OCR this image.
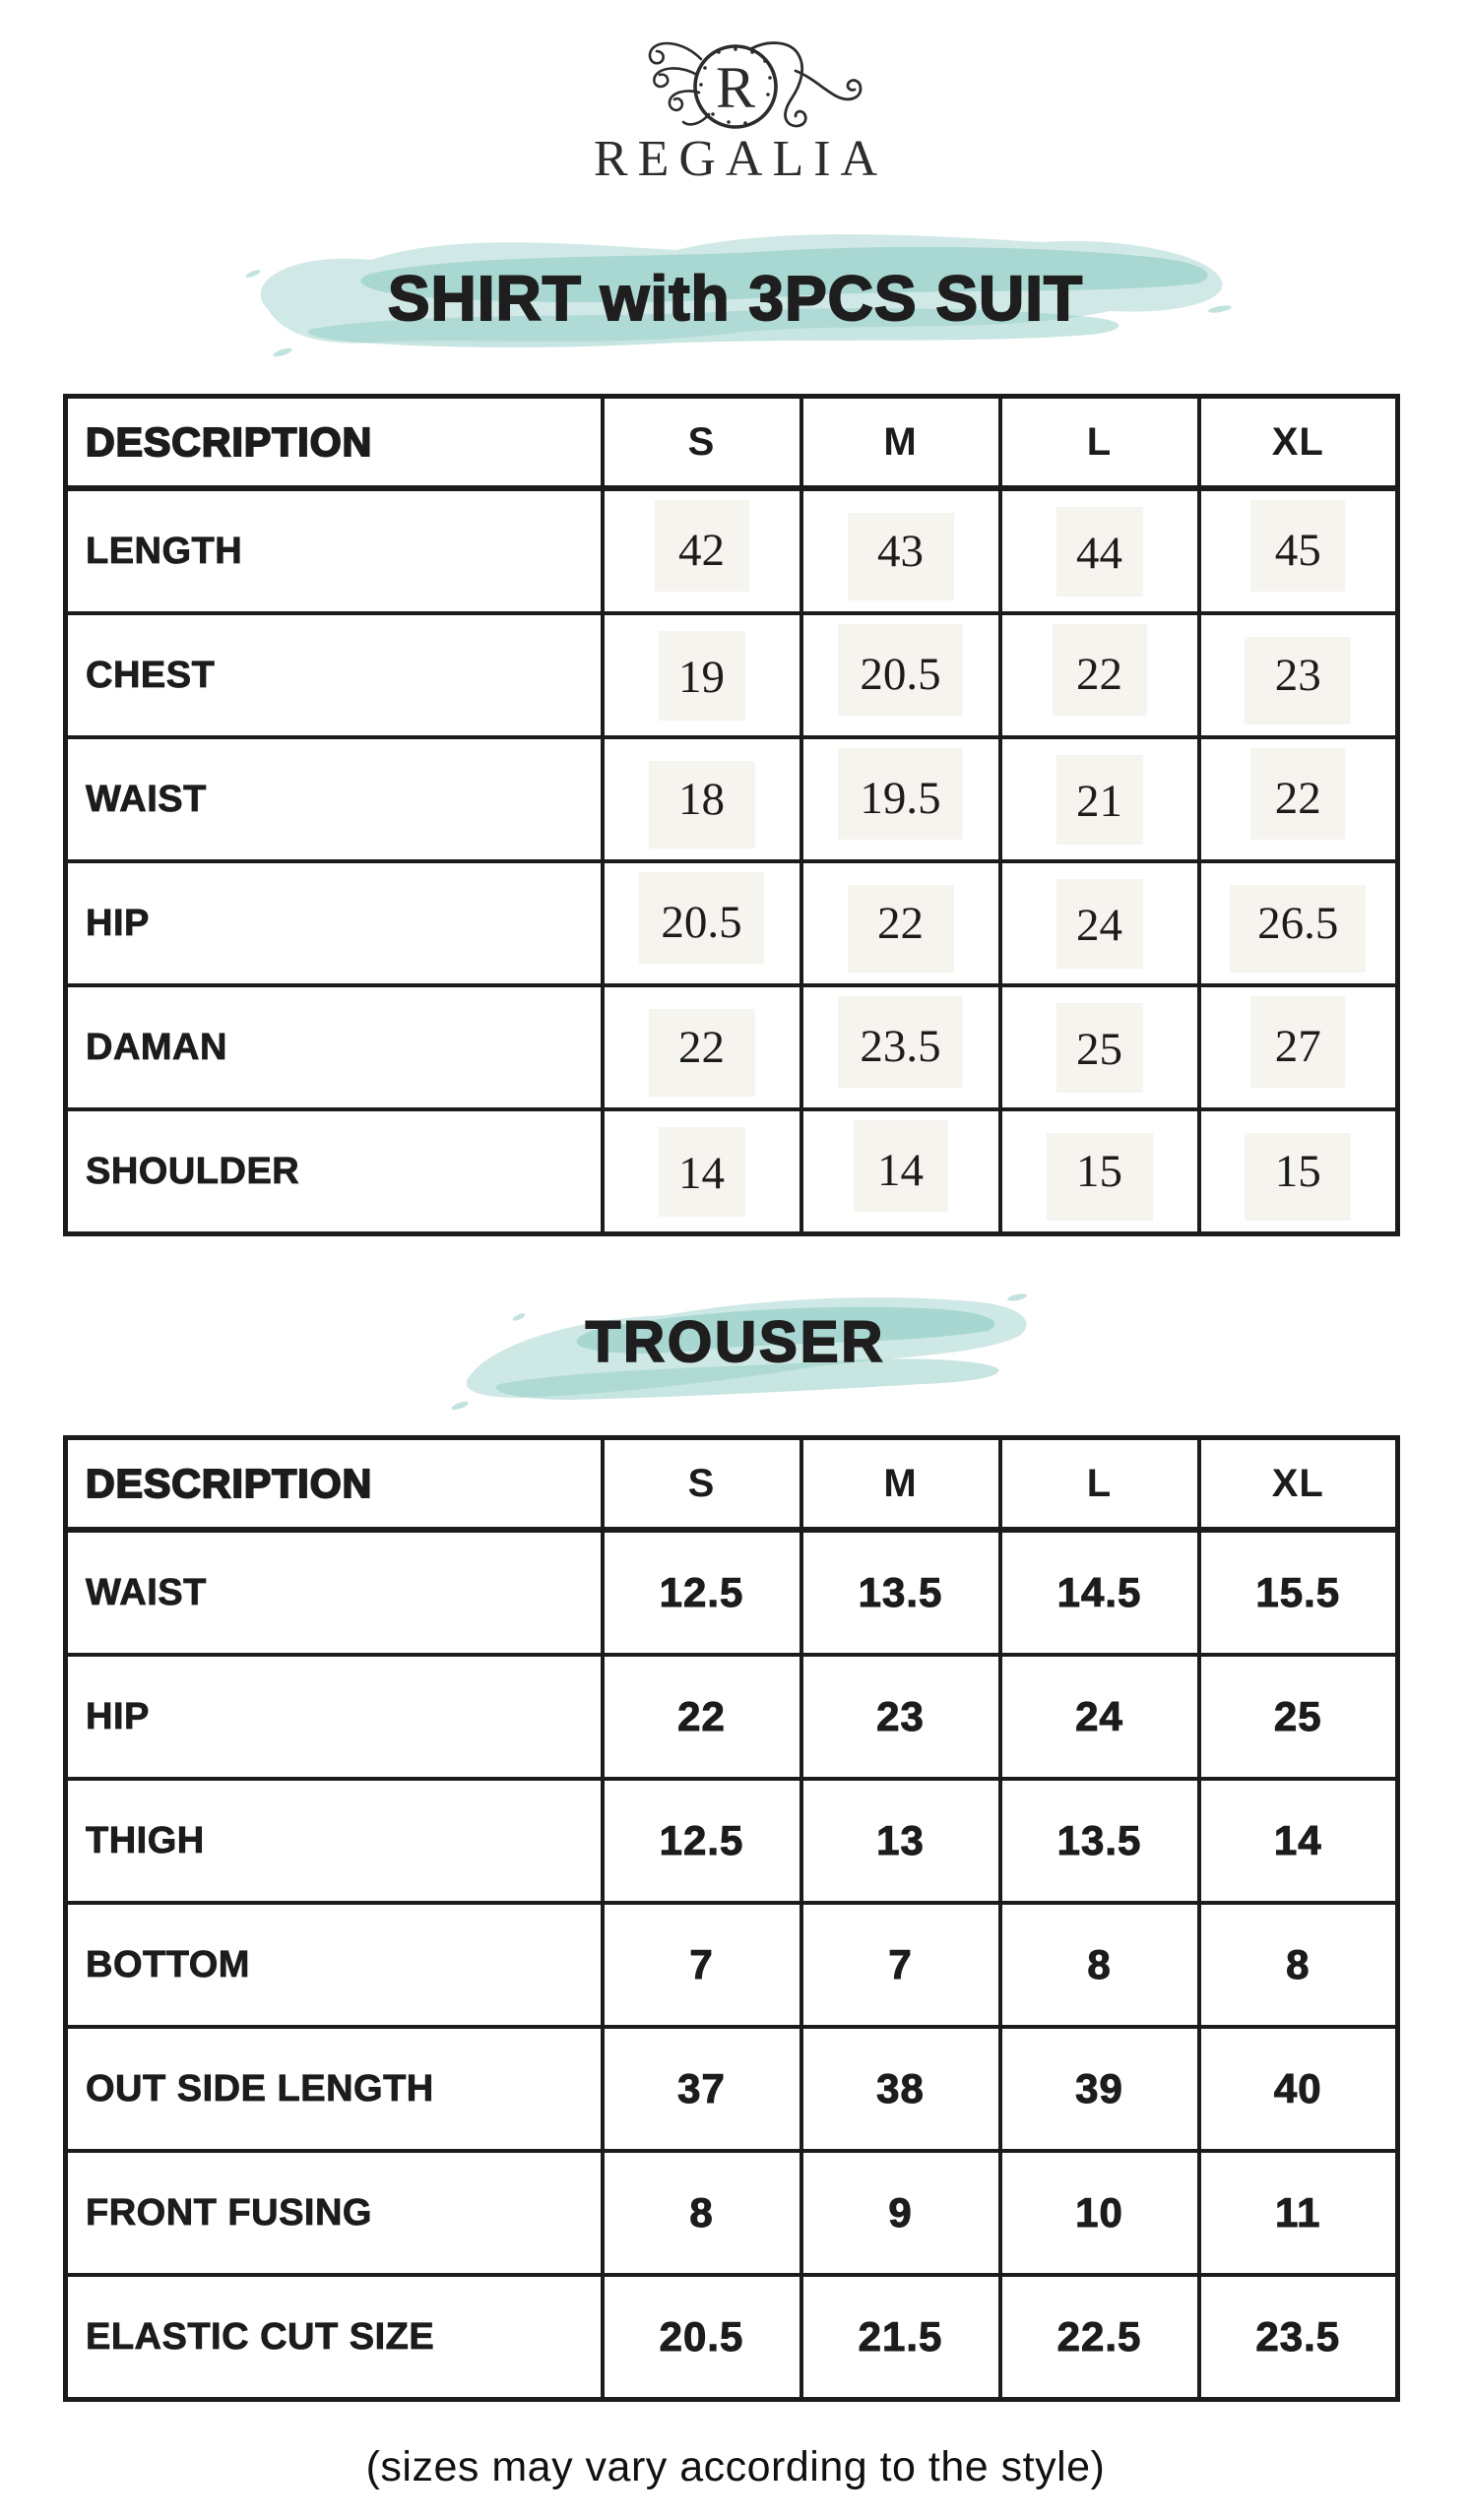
R
REGALIA
SHIRT with 3PCS SUIT
DESCRIPTION	S	M	L	XL
LENGTH	42	43	44	45
CHEST	19	20.5	22	23
WAIST	18	19.5	21	22
HIP	20.5	22	24	26.5
DAMAN	22	23.5	25	27
SHOULDER	14	14	15	15
TROUSER
DESCRIPTION	S	M	L	XL
WAIST	12.5	13.5	14.5	15.5
HIP	22	23	24	25
THIGH	12.5	13	13.5	14
BOTTOM	7	7	8	8
OUT SIDE LENGTH	37	38	39	40
FRONT FUSING	8	9	10	11
ELASTIC CUT SIZE	20.5	21.5	22.5	23.5
(sizes may vary according to the style)
